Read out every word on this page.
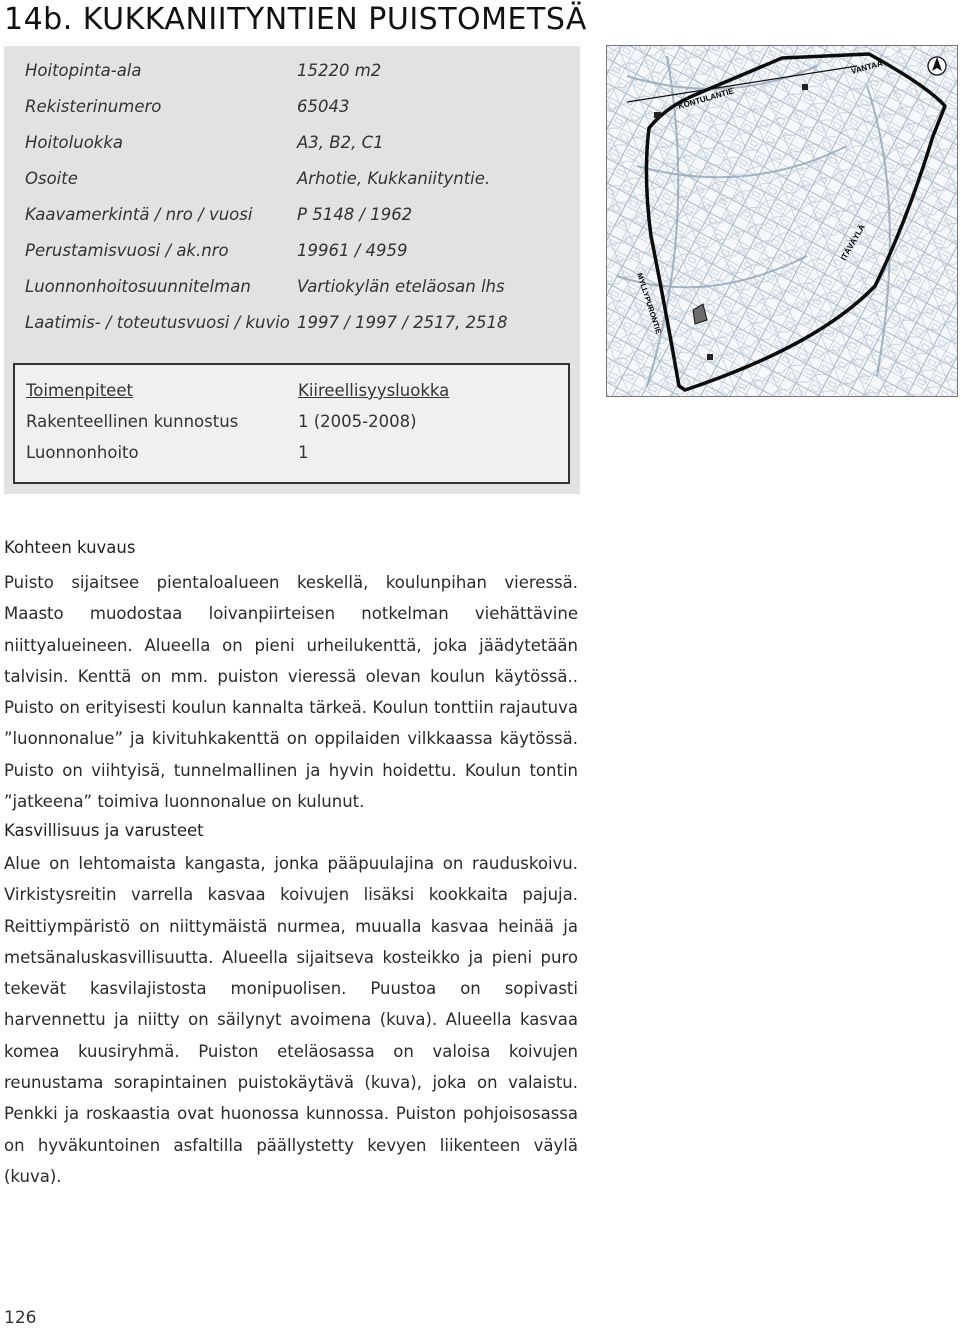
14b. KUKKANIITYNTIEN PUISTOMETSÄ
Hoitopinta-ala	15220 m2
Rekisterinumero	65043
Hoitoluokka	A3, B2, C1
Osoite	Arhotie, Kukkaniityntie.
Kaavamerkintä / nro / vuosi	P 5148 / 1962
Perustamisvuosi / ak.nro	19961 / 4959
Luonnonhoitosuunnitelman	Vartiokylän eteläosan lhs
Laatimis- / toteutusvuosi / kuvio 1997 / 1997 / 2517, 2518
Toimenpiteet	Kiireellisyysluokka
Rakenteellinen kunnostus	1 (2005-2008)
Luonnonhoito	1
VANTAA
KONTULANTIE
ITÄVÄYLÄ
MYLLYPURONTIE
Kohteen kuvaus

Puisto sijaitsee pientaloalueen keskellä, koulunpihan vieressä. Maasto muodostaa loivanpiirteisen notkelman viehättävine niittyalueineen. Alueella on pieni urheilukenttä, joka jäädytetään talvisin. Kenttä on mm. puiston vieressä olevan koulun käytössä.. Puisto on erityisesti koulun kannalta tärkeä. Koulun tonttiin rajautuva ”luonnonalue” ja kivituhkakenttä on oppilaiden vilkkaassa käytössä. Puisto on viihtyisä, tunnelmallinen ja hyvin hoidettu. Koulun tontin ”jatkeena” toimiva luonnonalue on kulunut.

Kasvillisuus ja varusteet

Alue on lehtomaista kangasta, jonka pääpuulajina on rauduskoivu. Virkistysreitin varrella kasvaa koivujen lisäksi kookkaita pajuja. Reittiympäristö on niittymäistä nurmea, muualla kasvaa heinää ja metsänaluskasvillisuutta. Alueella sijaitseva kosteikko ja pieni puro tekevät kasvilajistosta monipuolisen. Puustoa on sopivasti harvennettu ja niitty on säilynyt avoimena (kuva). Alueella kasvaa komea kuusiryhmä. Puiston eteläosassa on valoisa koivujen reunustama sorapintainen puistokäytävä (kuva), joka on valaistu. Penkki ja roskaastia ovat huonossa kunnossa. Puiston pohjoisosassa on hyväkuntoinen asfaltilla päällystetty kevyen liikenteen väylä (kuva).

126
